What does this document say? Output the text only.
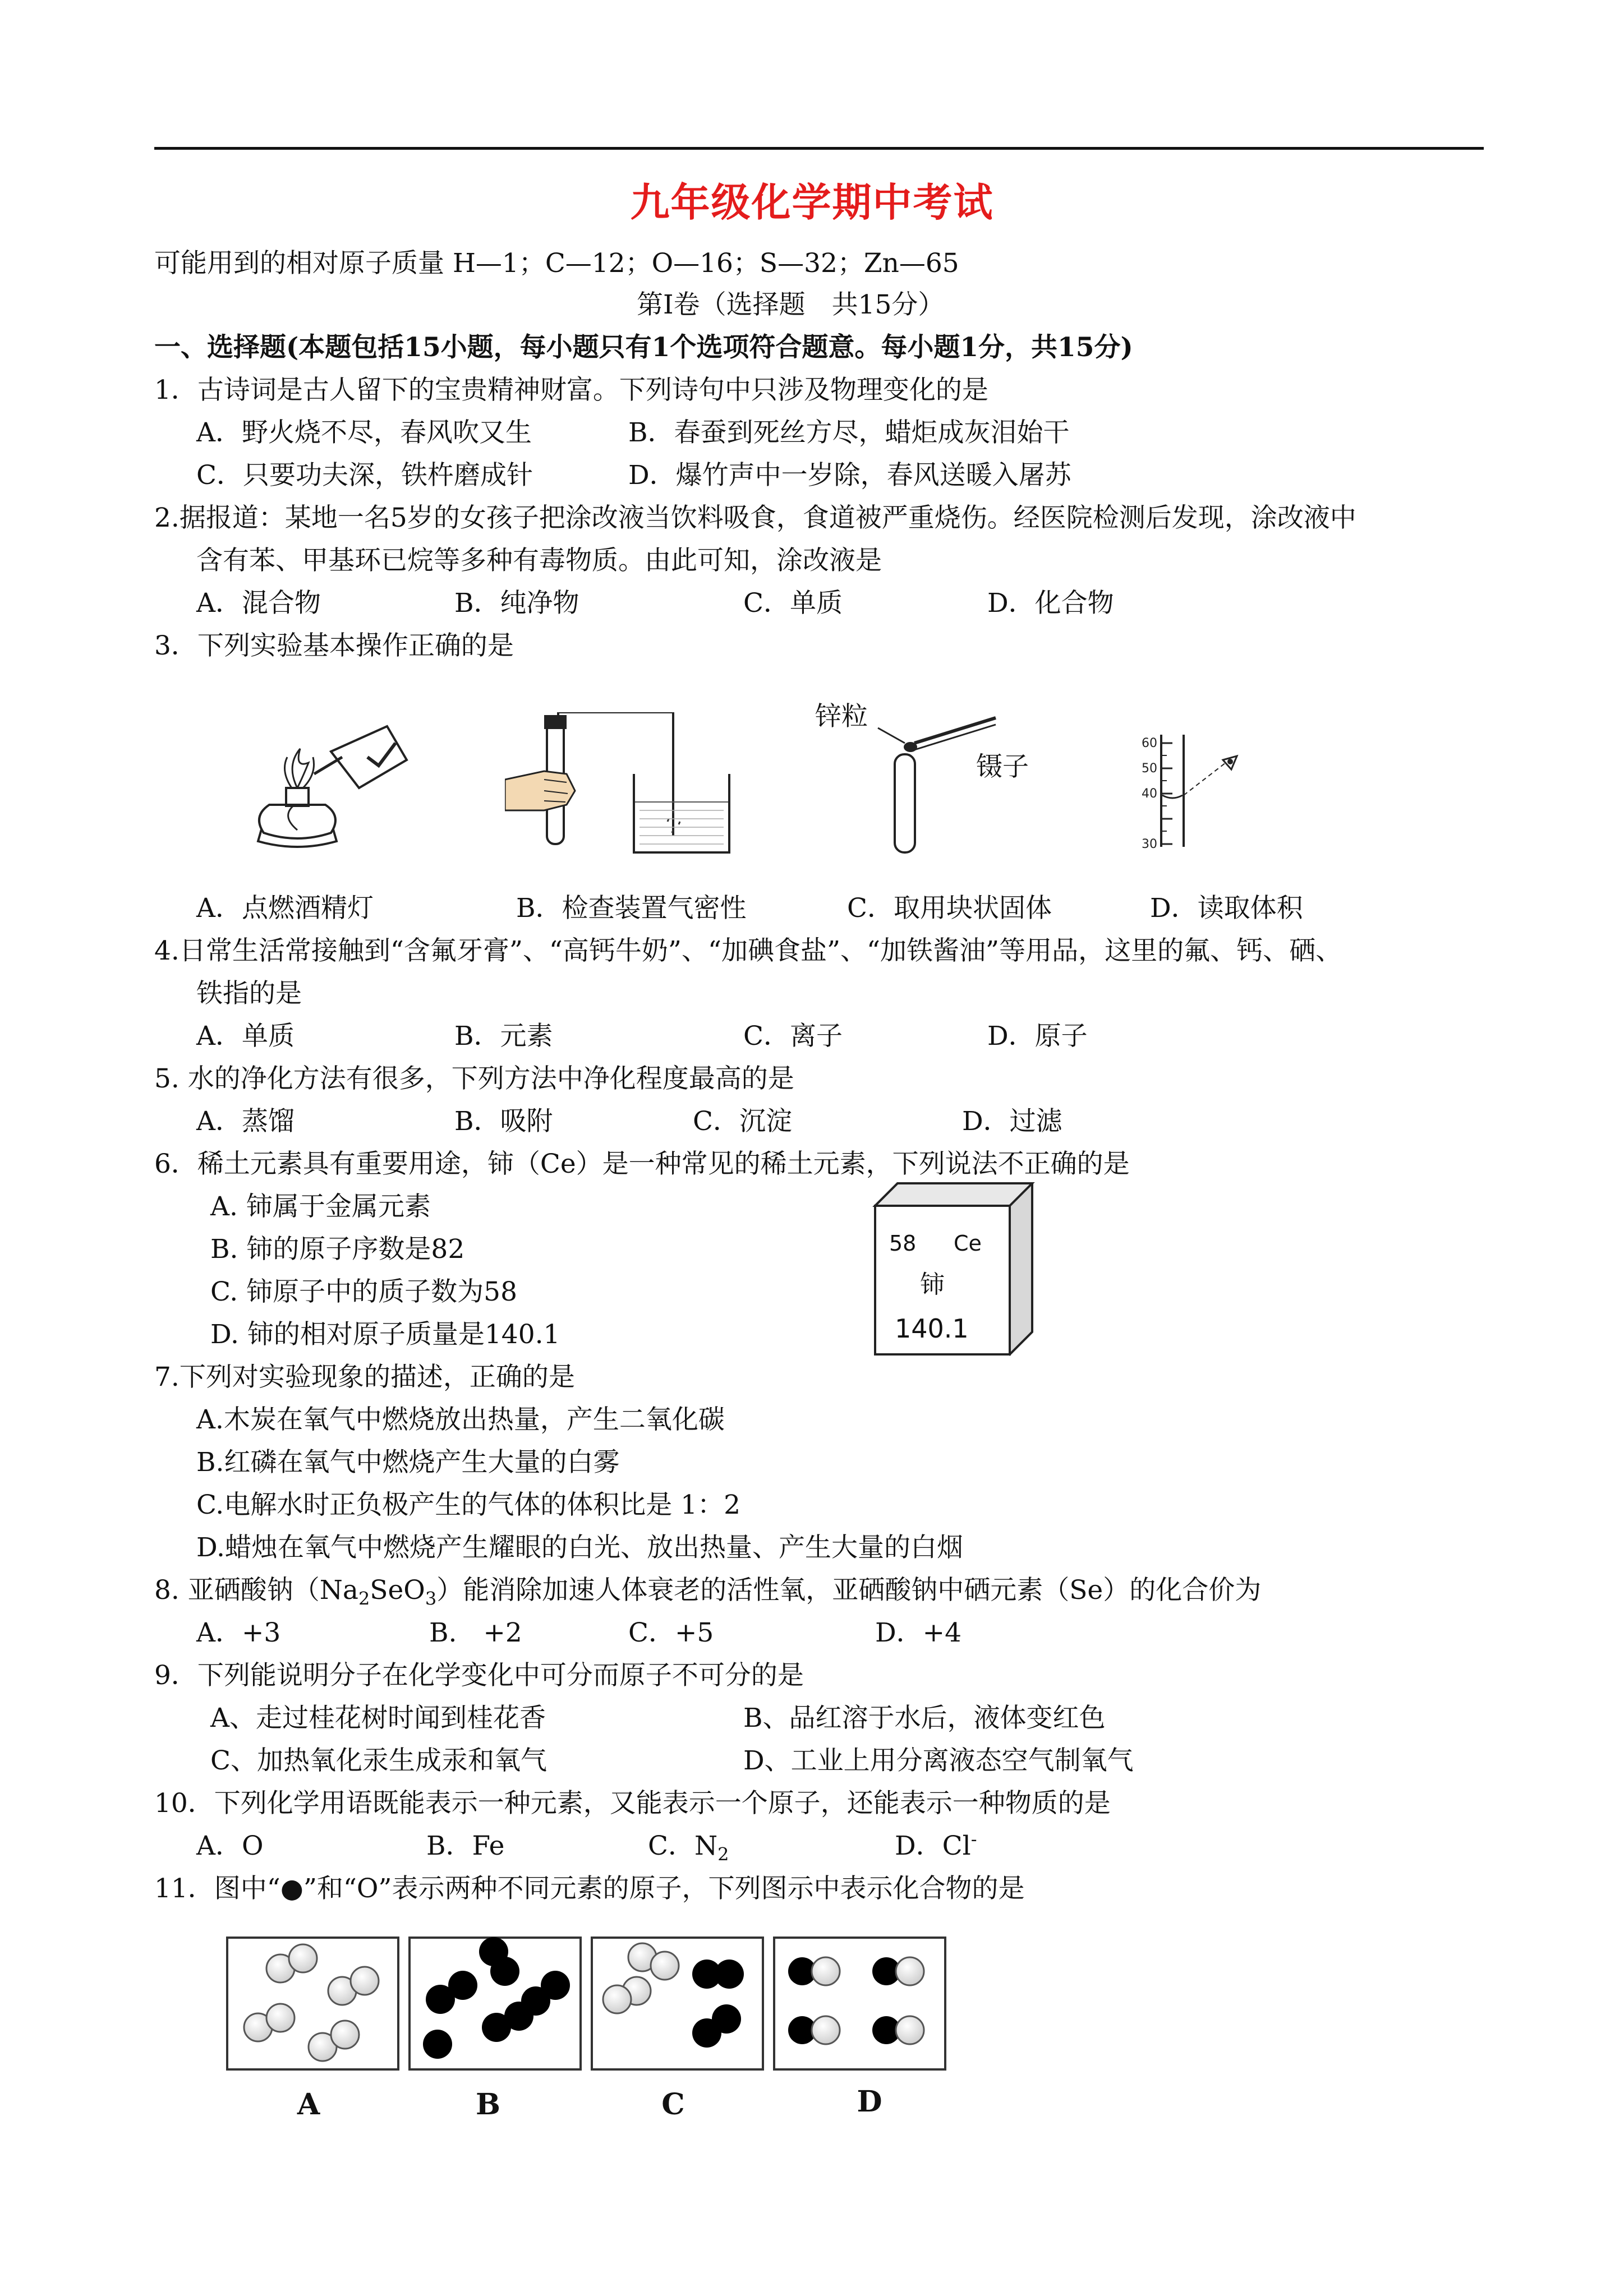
九年级化学期中考试
可能用到的相对原子质量 H—1；C—12；O—16；S—32；Zn—65
第Ⅰ卷（选择题　共15分）
一、选择题(本题包括15小题，每小题只有1个选项符合题意。每小题1分，共15分)
1．古诗词是古人留下的宝贵精神财富。下列诗句中只涉及物理变化的是
A．野火烧不尽，春风吹又生	B．春蚕到死丝方尽，蜡炬成灰泪始干
C．只要功夫深，铁杵磨成针	D．爆竹声中一岁除，春风送暖入屠苏
2.据报道：某地一名5岁的女孩子把涂改液当饮料吸食，食道被严重烧伤。经医院检测后发现，涂改液中
含有苯、甲基环已烷等多种有毒物质。由此可知，涂改液是
A．混合物	B．纯净物	C．单质	D．化合物
3．下列实验基本操作正确的是
锌粒
镊子
60
50
40
30
A．点燃酒精灯	B．检查装置气密性	C．取用块状固体	D．读取体积
4.日常生活常接触到“含氟牙膏”、“高钙牛奶”、“加碘食盐”、“加铁酱油”等用品，这里的氟、钙、硒、
铁指的是
A．单质	B．元素	C．离子	D．原子
5. 水的净化方法有很多，下列方法中净化程度最高的是
A．蒸馏	B．吸附	C．沉淀	D．过滤
6．稀土元素具有重要用途，铈（Ce）是一种常见的稀土元素，下列说法不正确的是
A. 铈属于金属元素
B. 铈的原子序数是82
C. 铈原子中的质子数为58
D. 铈的相对原子质量是140.1
58 Ce
铈
140.1
7.下列对实验现象的描述，正确的是
A.木炭在氧气中燃烧放出热量，产生二氧化碳
B.红磷在氧气中燃烧产生大量的白雾
C.电解水时正负极产生的气体的体积比是 1：2
D.蜡烛在氧气中燃烧产生耀眼的白光、放出热量、产生大量的白烟
8. 亚硒酸钠$(Na_2SeO_3)$能消除加速人体衰老的活性氧，亚硒酸钠中硒元素（Se）的化合价为
A．+3	B.　+2	C．+5	D．+4
9．下列能说明分子在化学变化中可分而原子不可分的是
A、走过桂花树时闻到桂花香	B、品红溶于水后，液体变红色
C、加热氧化汞生成汞和氧气	D、工业上用分离液态空气制氧气
10．下列化学用语既能表示一种元素，又能表示一个原子，还能表示一种物质的是
A．O	B．Fe	C．$N_2$	D．Cl-
11．图中“●”和“O”表示两种不同元素的原子，下列图示中表示化合物的是
A	B	C	D
